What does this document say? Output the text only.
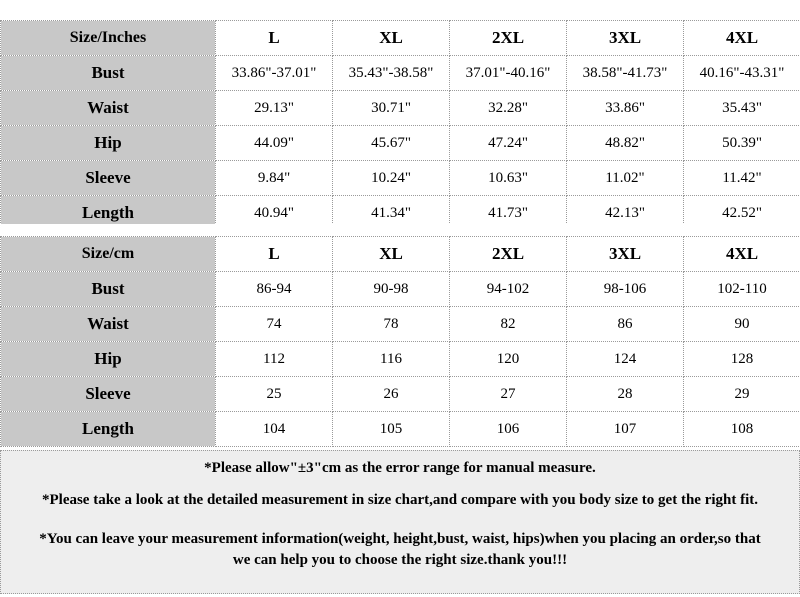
Size/Inches	L	XL	2XL	3XL	4XL
Bust	33.86"-37.01"	35.43"-38.58"	37.01"-40.16"	38.58"-41.73"	40.16"-43.31"
Waist	29.13"	30.71"	32.28"	33.86"	35.43"
Hip	44.09"	45.67"	47.24"	48.82"	50.39"
Sleeve	9.84"	10.24"	10.63"	11.02"	11.42"
Length	40.94"	41.34"	41.73"	42.13"	42.52"
Size/cm	L	XL	2XL	3XL	4XL
Bust	86-94	90-98	94-102	98-106	102-110
Waist	74	78	82	86	90
Hip	112	116	120	124	128
Sleeve	25	26	27	28	29
Length	104	105	106	107	108
*Please allow"±3"cm as the error range for manual measure.
*Please take a look at the detailed measurement in size chart,and compare with you body size to get the right fit.
*You can leave your measurement information(weight, height,bust, waist, hips)when you placing an order,so that
we can help you to choose the right size.thank you!!!
